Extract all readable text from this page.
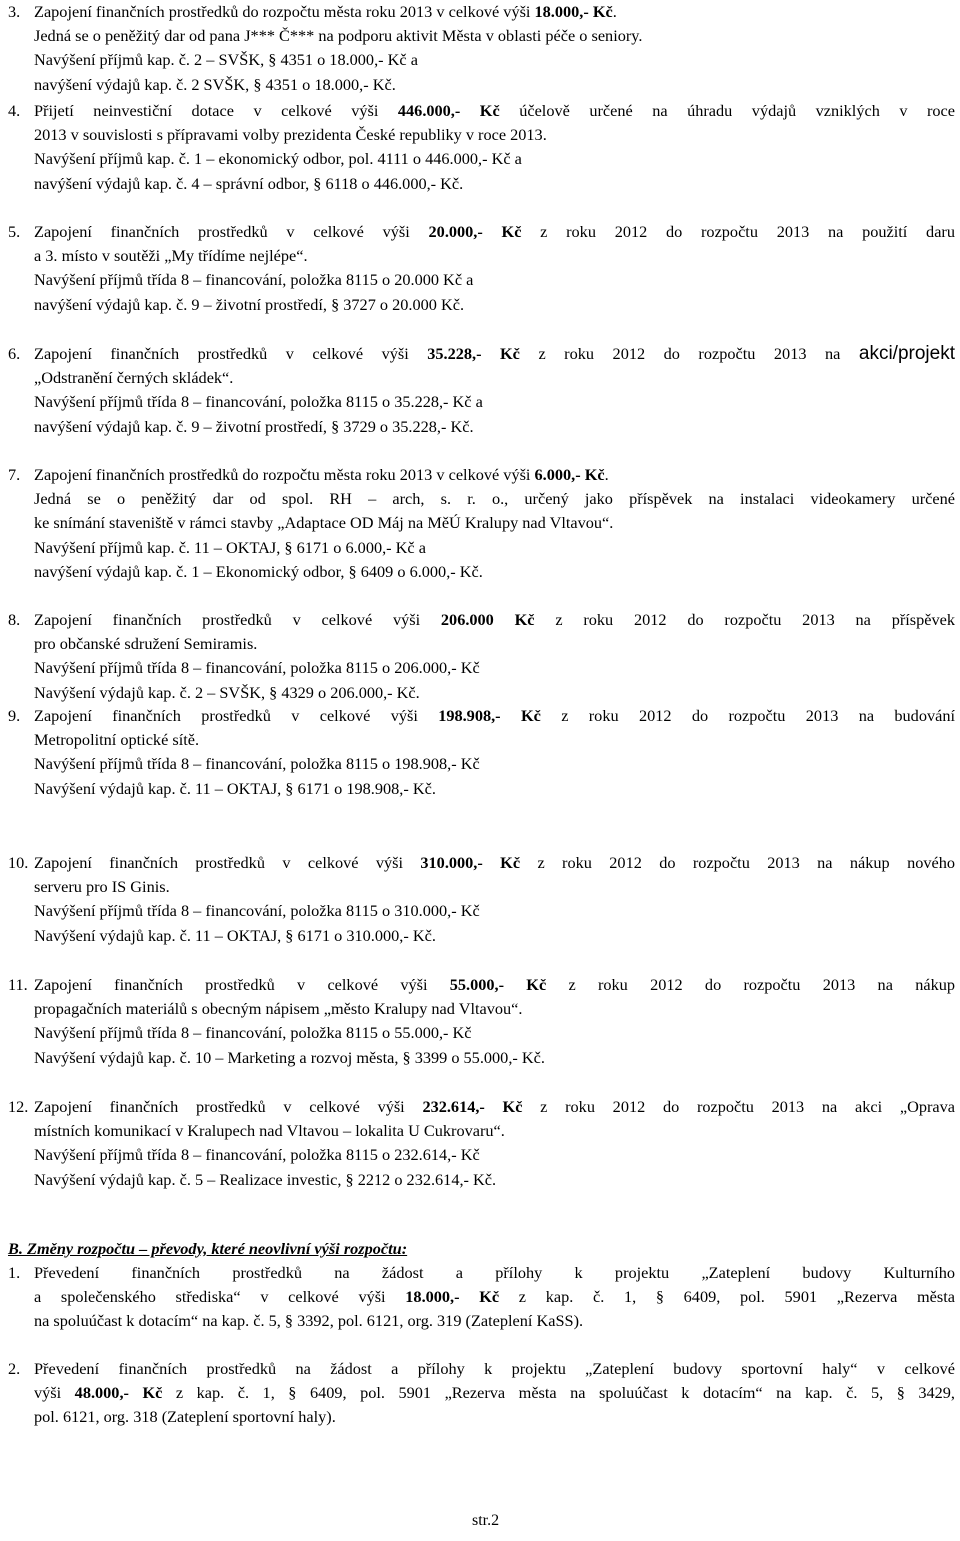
3. Zapojení finančních prostředků do rozpočtu města roku 2013 v celkové výši 18.000,- Kč.
Jedná se o peněžitý dar od pana J*** Č*** na podporu aktivit Města v oblasti péče o seniory.
Navýšení příjmů kap. č. 2 – SVŠK, § 4351 o 18.000,- Kč a
navýšení výdajů kap. č. 2 SVŠK, § 4351 o 18.000,- Kč.
4. Přijetí neinvestiční dotace v celkové výši 446.000,- Kč účelově určené na úhradu výdajů vzniklých v roce
2013 v souvislosti s přípravami volby prezidenta České republiky v roce 2013.
Navýšení příjmů kap. č. 1 – ekonomický odbor, pol. 4111 o 446.000,- Kč a
navýšení výdajů kap. č. 4 – správní odbor, § 6118 o 446.000,- Kč.
5. Zapojení finančních prostředků v celkové výši 20.000,- Kč z roku 2012 do rozpočtu 2013 na použití daru
a 3. místo v soutěži „My třídíme nejlépe“.
Navýšení příjmů třída 8 – financování, položka 8115 o 20.000 Kč a
navýšení výdajů kap. č. 9 – životní prostředí, § 3727 o 20.000 Kč.
6. Zapojení finančních prostředků v celkové výši 35.228,- Kč z roku 2012 do rozpočtu 2013 na akci/projekt
„Odstranění černých skládek“.
Navýšení příjmů třída 8 – financování, položka 8115 o 35.228,- Kč a
navýšení výdajů kap. č. 9 – životní prostředí, § 3729 o 35.228,- Kč.
7. Zapojení finančních prostředků do rozpočtu města roku 2013 v celkové výši 6.000,- Kč.
Jedná se o peněžitý dar od spol. RH – arch, s. r. o., určený jako příspěvek na instalaci videokamery určené
ke snímání staveniště v rámci stavby „Adaptace OD Máj na MěÚ Kralupy nad Vltavou“.
Navýšení příjmů kap. č. 11 – OKTAJ, § 6171 o 6.000,- Kč a
navýšení výdajů kap. č. 1 – Ekonomický odbor, § 6409 o 6.000,- Kč.
8. Zapojení finančních prostředků v celkové výši 206.000 Kč z roku 2012 do rozpočtu 2013 na příspěvek
pro občanské sdružení Semiramis.
Navýšení příjmů třída 8 – financování, položka 8115 o 206.000,- Kč
Navýšení výdajů kap. č. 2 – SVŠK, § 4329 o 206.000,- Kč.
9. Zapojení finančních prostředků v celkové výši 198.908,- Kč z roku 2012 do rozpočtu 2013 na budování
Metropolitní optické sítě.
Navýšení příjmů třída 8 – financování, položka 8115 o 198.908,- Kč
Navýšení výdajů kap. č. 11 – OKTAJ, § 6171 o 198.908,- Kč.
10. Zapojení finančních prostředků v celkové výši 310.000,- Kč z roku 2012 do rozpočtu 2013 na nákup nového
serveru pro IS Ginis.
Navýšení příjmů třída 8 – financování, položka 8115 o 310.000,- Kč
Navýšení výdajů kap. č. 11 – OKTAJ, § 6171 o 310.000,- Kč.
11. Zapojení finančních prostředků v celkové výši 55.000,- Kč z roku 2012 do rozpočtu 2013 na nákup
propagačních materiálů s obecným nápisem „město Kralupy nad Vltavou“.
Navýšení příjmů třída 8 – financování, položka 8115 o 55.000,- Kč
Navýšení výdajů kap. č. 10 – Marketing a rozvoj města, § 3399 o 55.000,- Kč.
12. Zapojení finančních prostředků v celkové výši 232.614,- Kč z roku 2012 do rozpočtu 2013 na akci „Oprava
místních komunikací v Kralupech nad Vltavou – lokalita U Cukrovaru“.
Navýšení příjmů třída 8 – financování, položka 8115 o 232.614,- Kč
Navýšení výdajů kap. č. 5 – Realizace investic, § 2212 o 232.614,- Kč.
B. Změny rozpočtu – převody, které neovlivní výši rozpočtu:
1. Převedení finančních prostředků na žádost a přílohy k projektu „Zateplení budovy Kulturního
a společenského střediska“ v celkové výši 18.000,- Kč z kap. č. 1, § 6409, pol. 5901 „Rezerva města
na spoluúčast k dotacím“ na kap. č. 5, § 3392, pol. 6121, org. 319 (Zateplení KaSS).
2. Převedení finančních prostředků na žádost a přílohy k projektu „Zateplení budovy sportovní haly“ v celkové
výši 48.000,- Kč z kap. č. 1, § 6409, pol. 5901 „Rezerva města na spoluúčast k dotacím“ na kap. č. 5, § 3429,
pol. 6121, org. 318 (Zateplení sportovní haly).
str.2
